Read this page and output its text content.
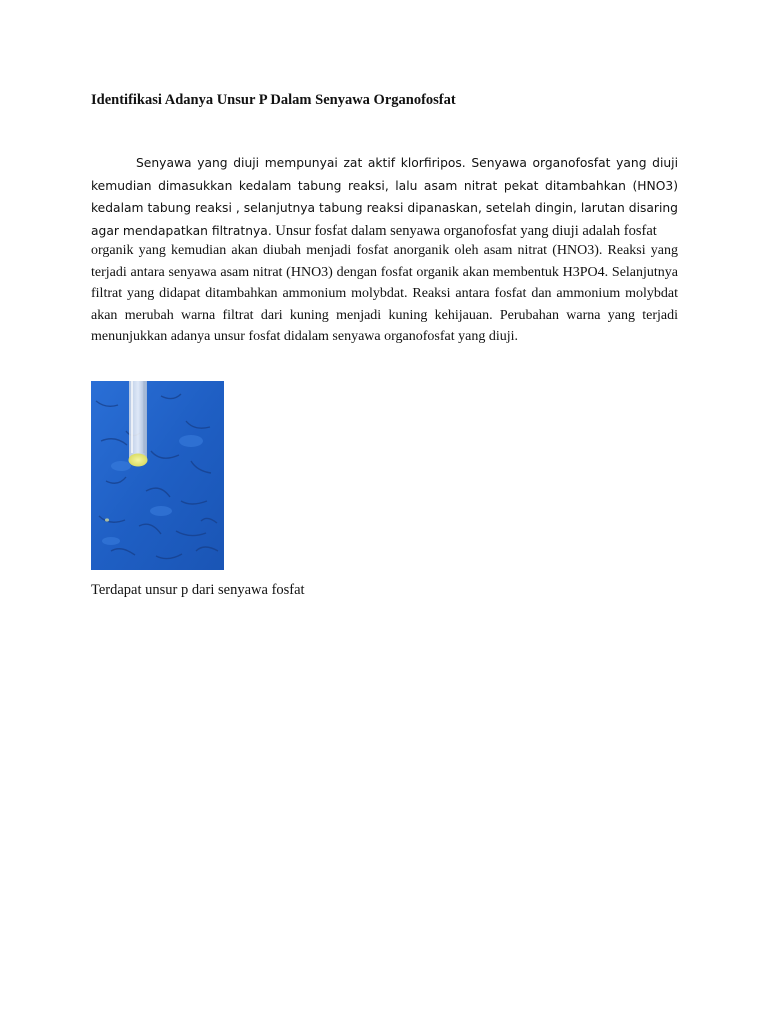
Identifikasi Adanya Unsur P Dalam Senyawa Organofosfat

Senyawa yang diuji mempunyai zat aktif klorfiripos. Senyawa organofosfat yang diuji kemudian dimasukkan kedalam tabung reaksi, lalu asam nitrat pekat ditambahkan (HNO3) kedalam tabung reaksi , selanjutnya tabung reaksi dipanaskan, setelah dingin, larutan disaring agar mendapatkan filtratnya. Unsur fosfat dalam senyawa organofosfat yang diuji adalah fosfat

organik yang kemudian akan diubah menjadi fosfat anorganik oleh asam nitrat (HNO3). Reaksi yang terjadi antara senyawa asam nitrat (HNO3) dengan fosfat organik akan membentuk H3PO4. Selanjutnya filtrat yang didapat ditambahkan ammonium molybdat. Reaksi antara fosfat dan ammonium molybdat akan merubah warna filtrat dari kuning menjadi kuning kehijauan. Perubahan warna yang terjadi menunjukkan adanya unsur fosfat didalam senyawa organofosfat yang diuji.

Terdapat unsur p dari senyawa fosfat
